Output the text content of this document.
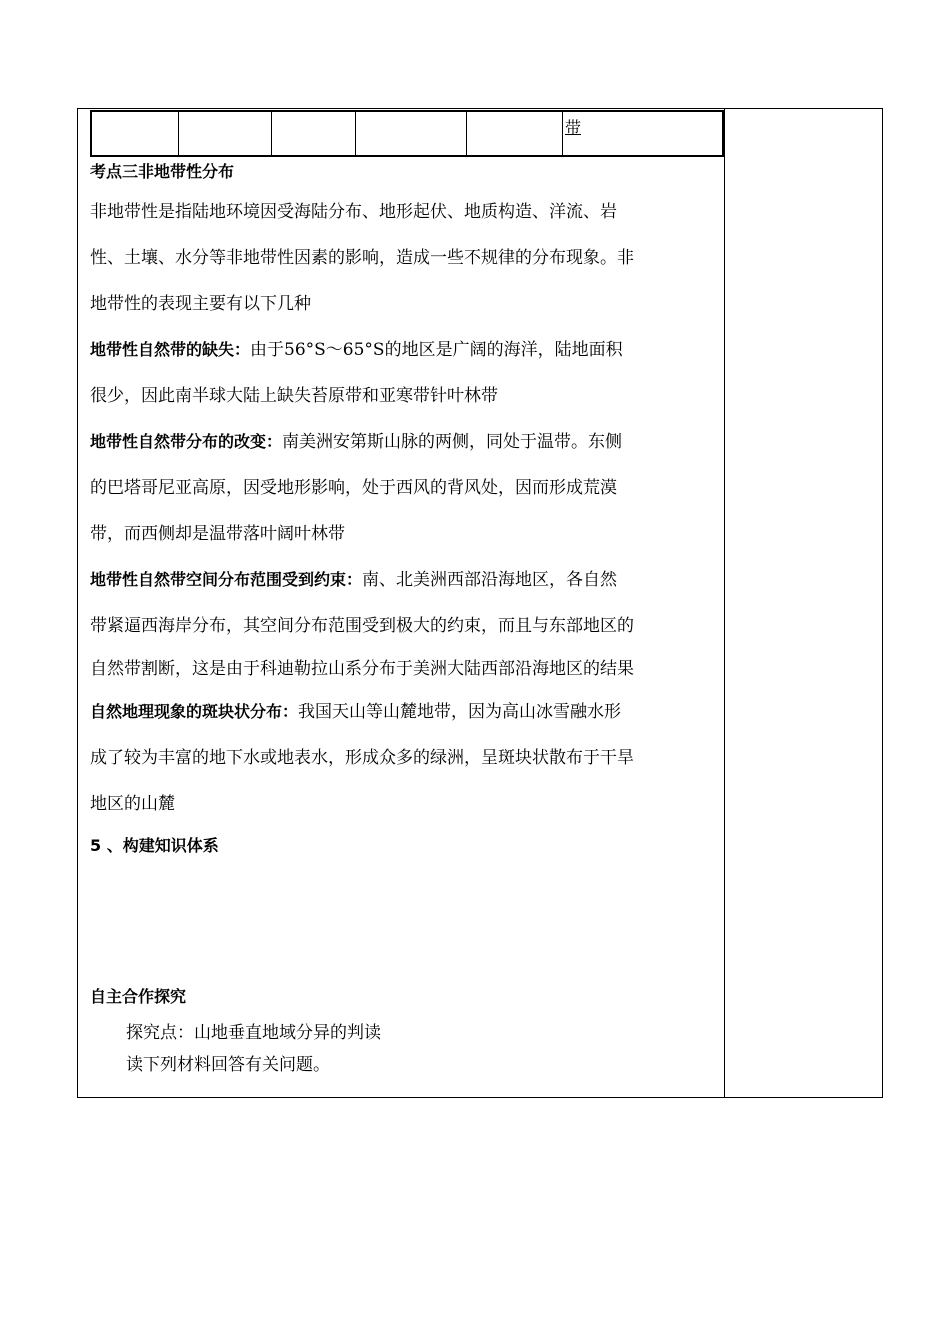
					带

考点三非地带性分布

非地带性是指陆地环境因受海陆分布、地形起伏、地质构造、洋流、岩

性、土壤、水分等非地带性因素的影响，造成一些不规律的分布现象。非

地带性的表现主要有以下几种

地带性自然带的缺失：由于56°S～65°S的地区是广阔的海洋，陆地面积

很少，因此南半球大陆上缺失苔原带和亚寒带针叶林带

地带性自然带分布的改变：南美洲安第斯山脉的两侧，同处于温带。东侧

的巴塔哥尼亚高原，因受地形影响，处于西风的背风处，因而形成荒漠

带，而西侧却是温带落叶阔叶林带

地带性自然带空间分布范围受到约束：南、北美洲西部沿海地区，各自然

带紧逼西海岸分布，其空间分布范围受到极大的约束，而且与东部地区的

自然带割断，这是由于科迪勒拉山系分布于美洲大陆西部沿海地区的结果

自然地理现象的斑块状分布：我国天山等山麓地带，因为高山冰雪融水形

成了较为丰富的地下水或地表水，形成众多的绿洲，呈斑块状散布于干旱

地区的山麓

5 、构建知识体系

自主合作探究

探究点：山地垂直地域分异的判读

读下列材料回答有关问题。
